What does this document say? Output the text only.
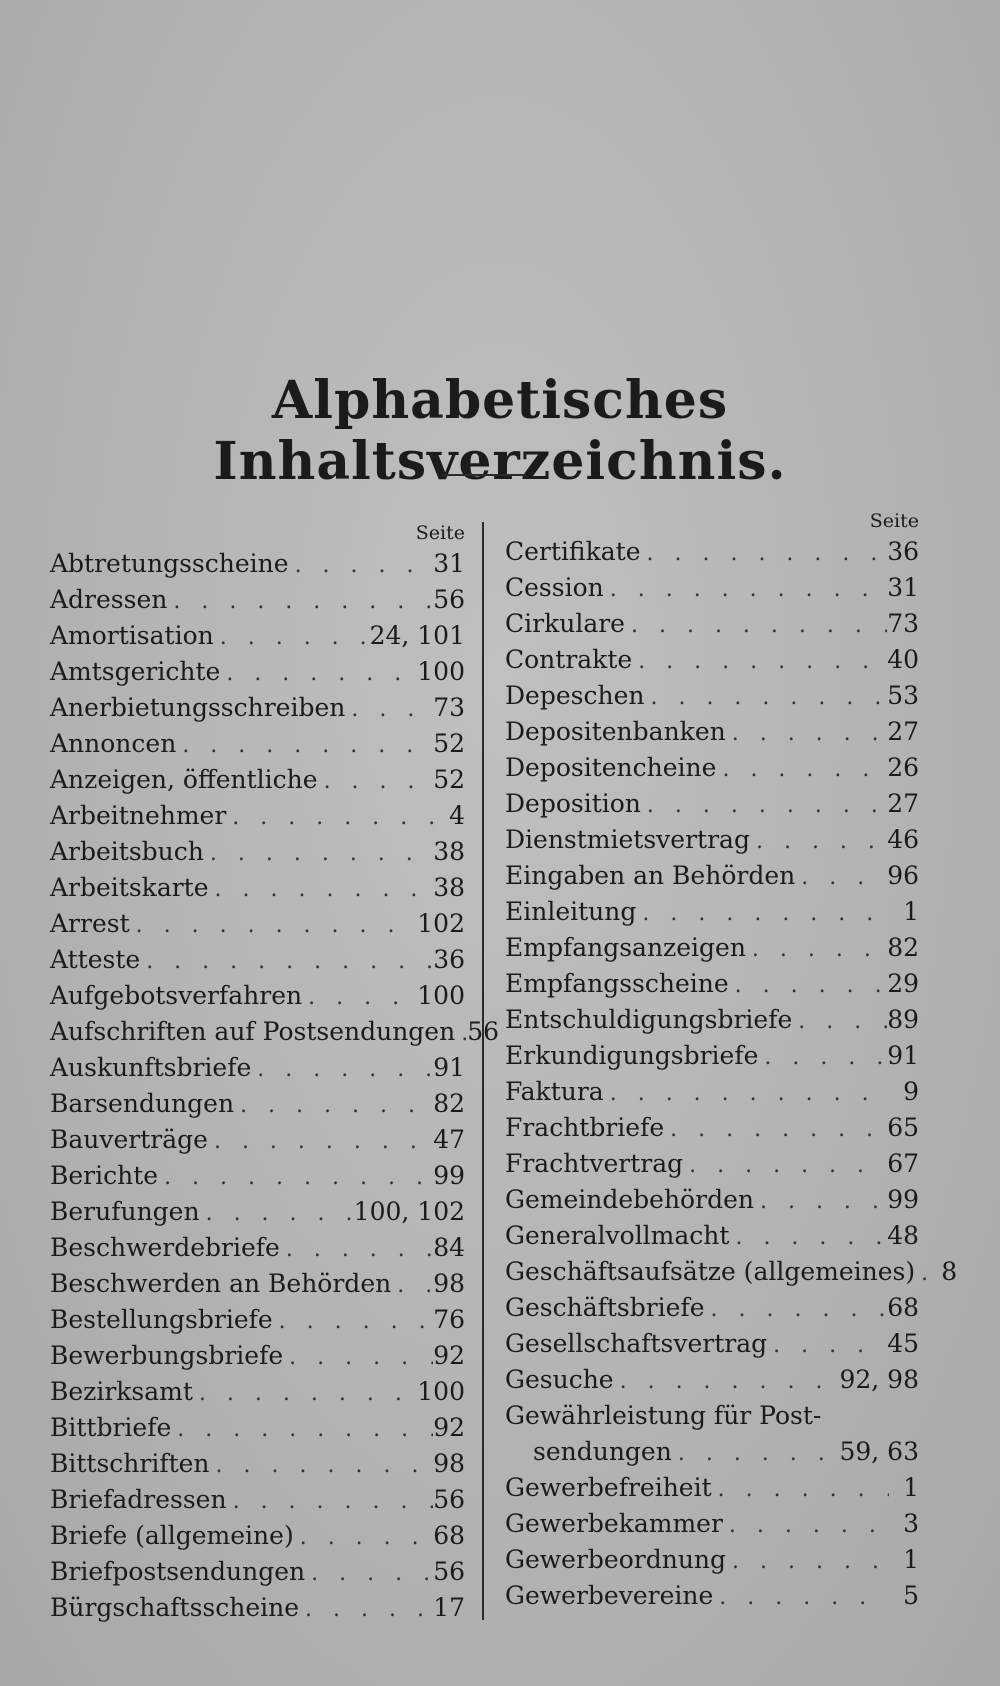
Alphabetisches Inhaltsverzeichnis.
Seite
Abtretungsscheine . . .	31
Adressen . . .	56
Amortisation . . .	24, 101
Amtsgerichte . . .	100
Anerbietungsschreiben . . .	73
Annoncen . . .	52
Anzeigen, öffentliche . . .	52
Arbeitnehmer . . .	4
Arbeitsbuch . . .	38
Arbeitskarte . . .	38
Arrest . . .	102
Atteste . . .	36
Aufgebotsverfahren . . .	100
Aufschriften auf Postsendungen . . . 56
Auskunftsbriefe . . .	91
Barsendungen . . .	82
Bauverträge . . .	47
Berichte . . .	99
Berufungen . . .	100, 102
Beschwerdebriefe . . .	84
Beschwerden an Behörden . . . 98
Bestellungsbriefe . . .	76
Bewerbungsbriefe . . .	92
Bezirksamt . . .	100
Bittbriefe . . .	92
Bittschriften . . .	98
Briefadressen . . .	56
Briefe (allgemeine) . . .	68
Briefpostsendungen . . .	56
Bürgschaftsscheine . . .	17
Seite
Certifikate . . .	36
Cession . . .	31
Cirkulare . . .	73
Contrakte . . .	40
Depeschen . . .	53
Depositenbanken . . .	27
Depositencheine . . .	26
Deposition . . .	27
Dienstmietsvertrag . . .	46
Eingaben an Behörden . . .	96
Einleitung . . .	1
Empfangsanzeigen . . .	82
Empfangsscheine . . .	29
Entschuldigungsbriefe . . .	89
Erkundigungsbriefe . . .	91
Faktura . . .	9
Frachtbriefe . . .	65
Frachtvertrag . . .	67
Gemeindebehörden . . .	99
Generalvollmacht . . .	48
Geschäftsaufsätze (allgemeines) . . .	8
Geschäftsbriefe . . .	68
Gesellschaftsvertrag . . .	45
Gesuche . . .	92, 98
Gewährleistung für Post-
sendungen . . .	59, 63
Gewerbefreiheit . . .	1
Gewerbekammer . . .	3
Gewerbeordnung . . .	1
Gewerbevereine . . .	5
